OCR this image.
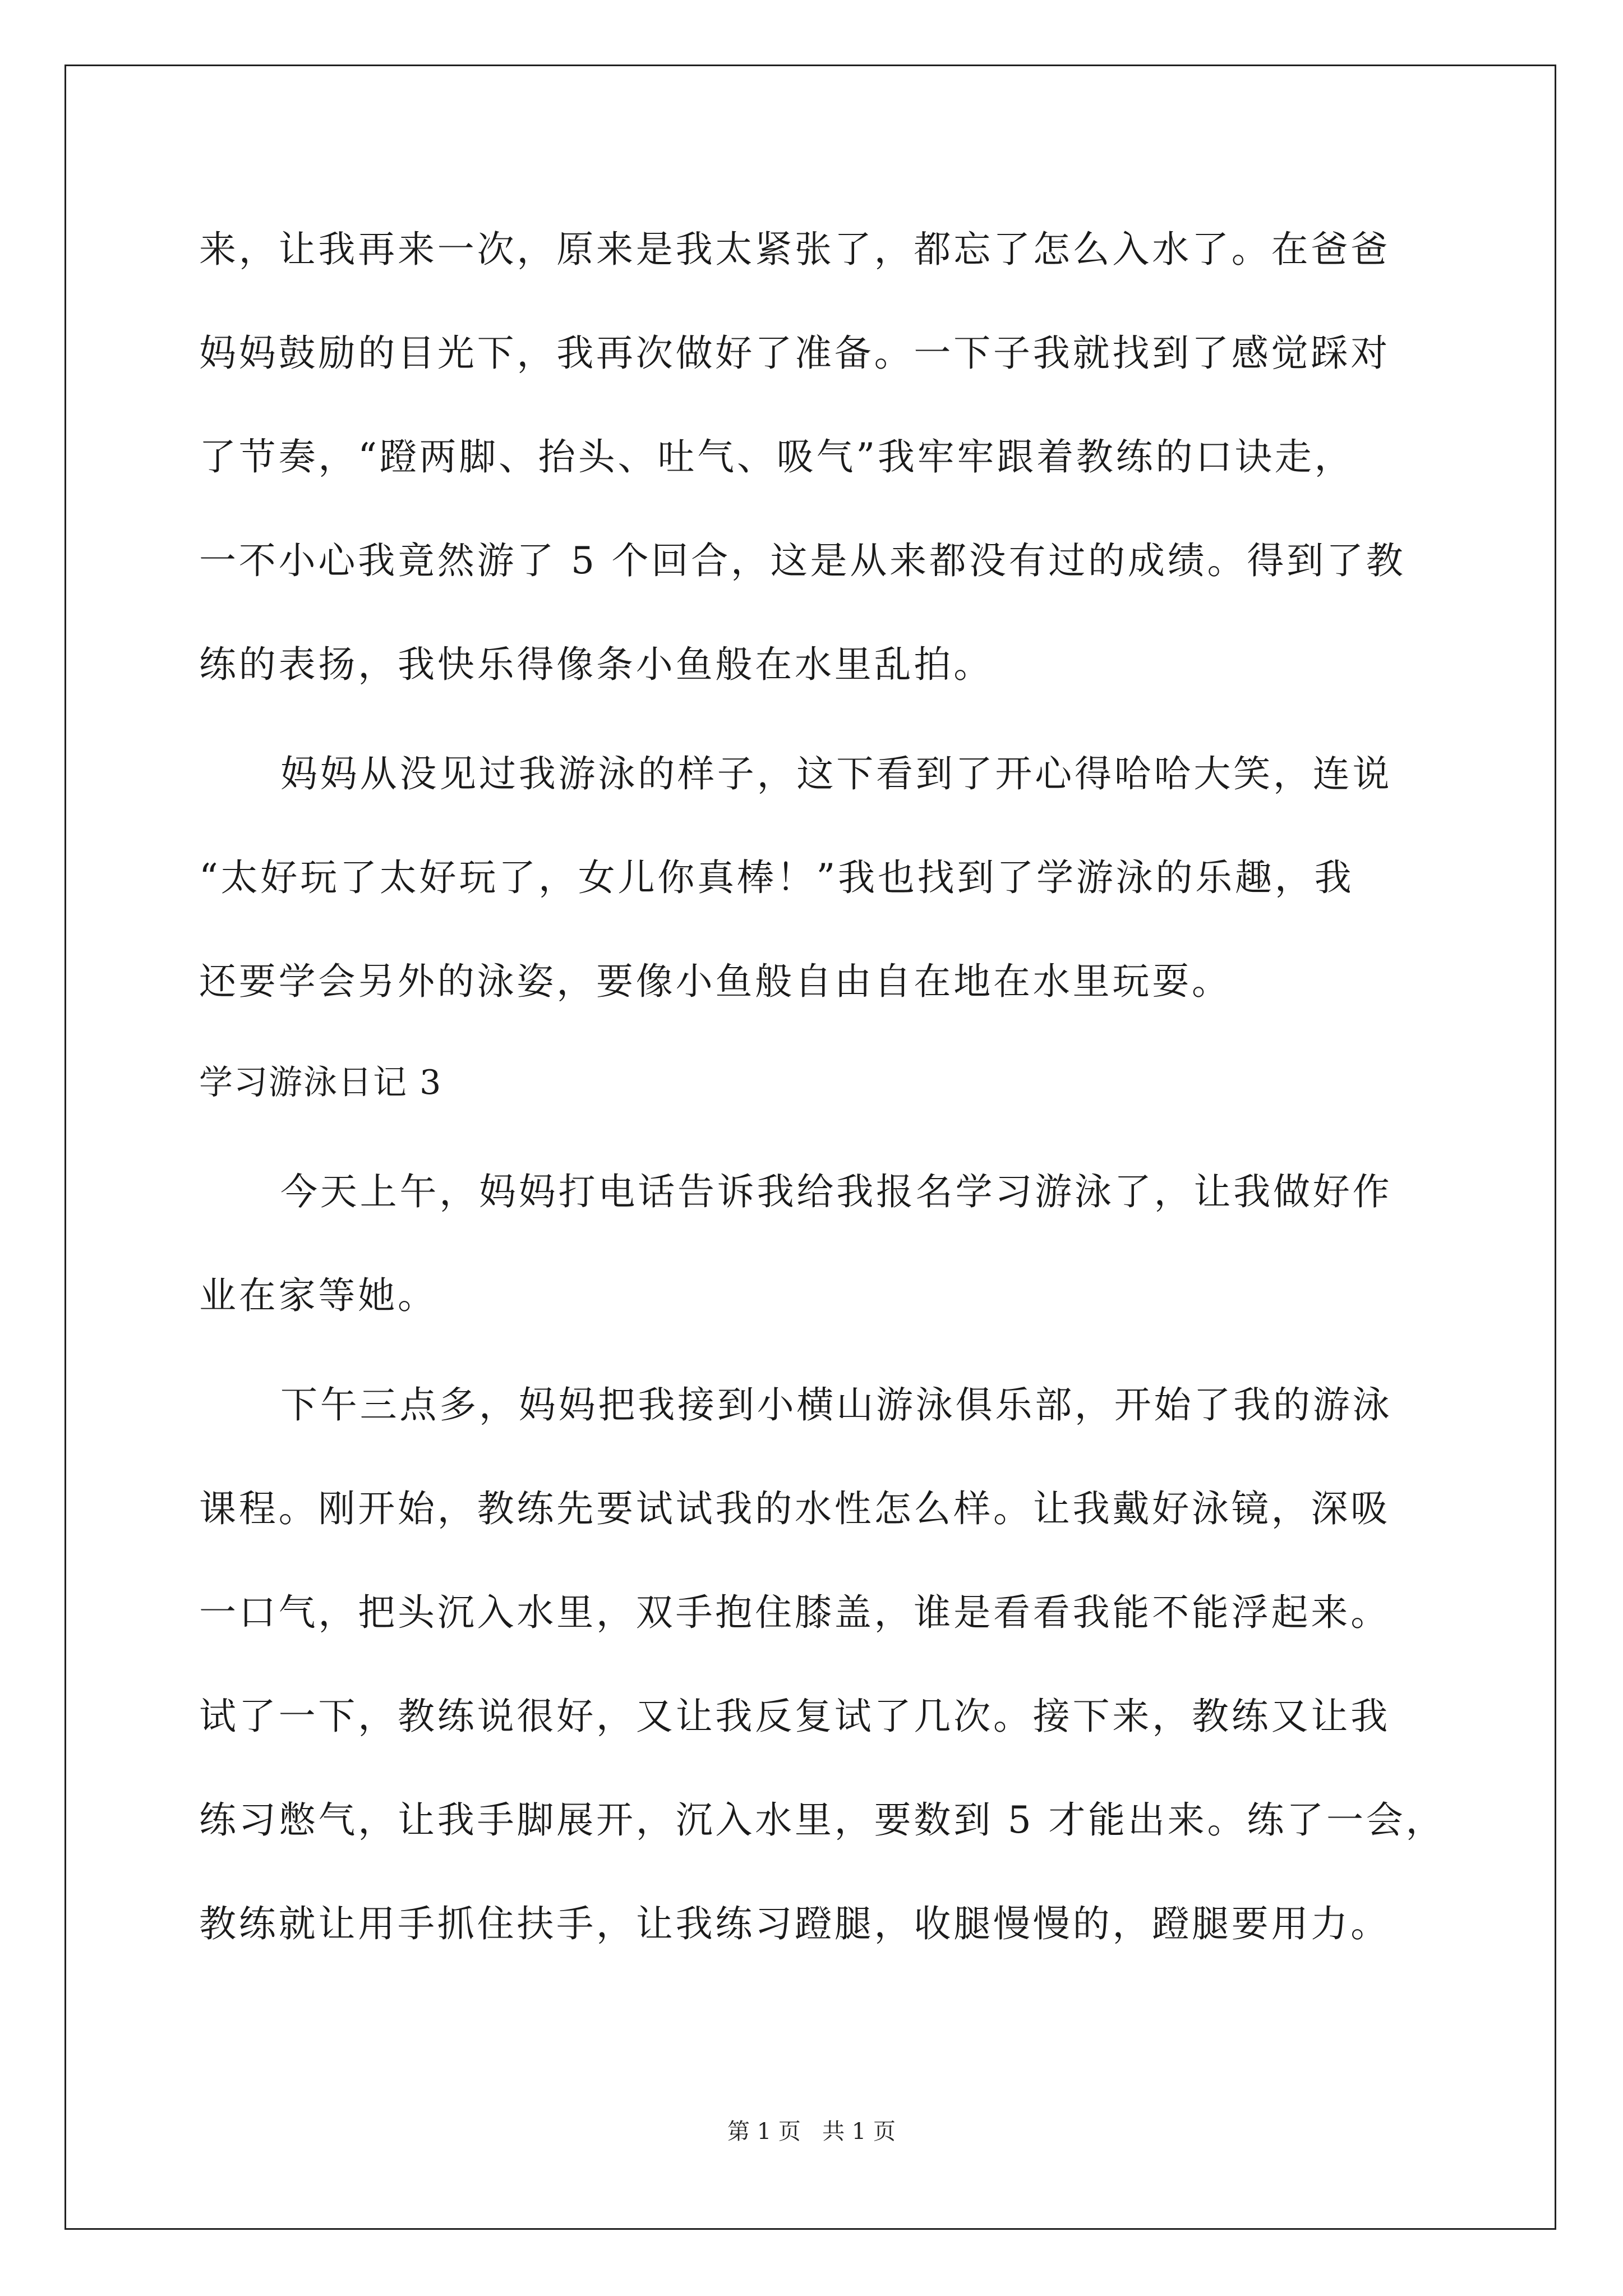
来，让我再来一次，原来是我太紧张了，都忘了怎么入水了。在爸爸
妈妈鼓励的目光下，我再次做好了准备。一下子我就找到了感觉踩对
了节奏，“蹬两脚、抬头、吐气、吸气”我牢牢跟着教练的口诀走，
一不小心我竟然游了 5 个回合，这是从来都没有过的成绩。得到了教
练的表扬，我快乐得像条小鱼般在水里乱拍。
妈妈从没见过我游泳的样子，这下看到了开心得哈哈大笑，连说
“太好玩了太好玩了，女儿你真棒！”我也找到了学游泳的乐趣，我
还要学会另外的泳姿，要像小鱼般自由自在地在水里玩耍。
学习游泳日记 3
今天上午，妈妈打电话告诉我给我报名学习游泳了，让我做好作
业在家等她。
下午三点多，妈妈把我接到小横山游泳俱乐部，开始了我的游泳
课程。刚开始，教练先要试试我的水性怎么样。让我戴好泳镜，深吸
一口气，把头沉入水里，双手抱住膝盖，谁是看看我能不能浮起来。
试了一下，教练说很好，又让我反复试了几次。接下来，教练又让我
练习憋气，让我手脚展开，沉入水里，要数到 5 才能出来。练了一会，
教练就让用手抓住扶手，让我练习蹬腿，收腿慢慢的，蹬腿要用力。
第 1 页   共 1 页
